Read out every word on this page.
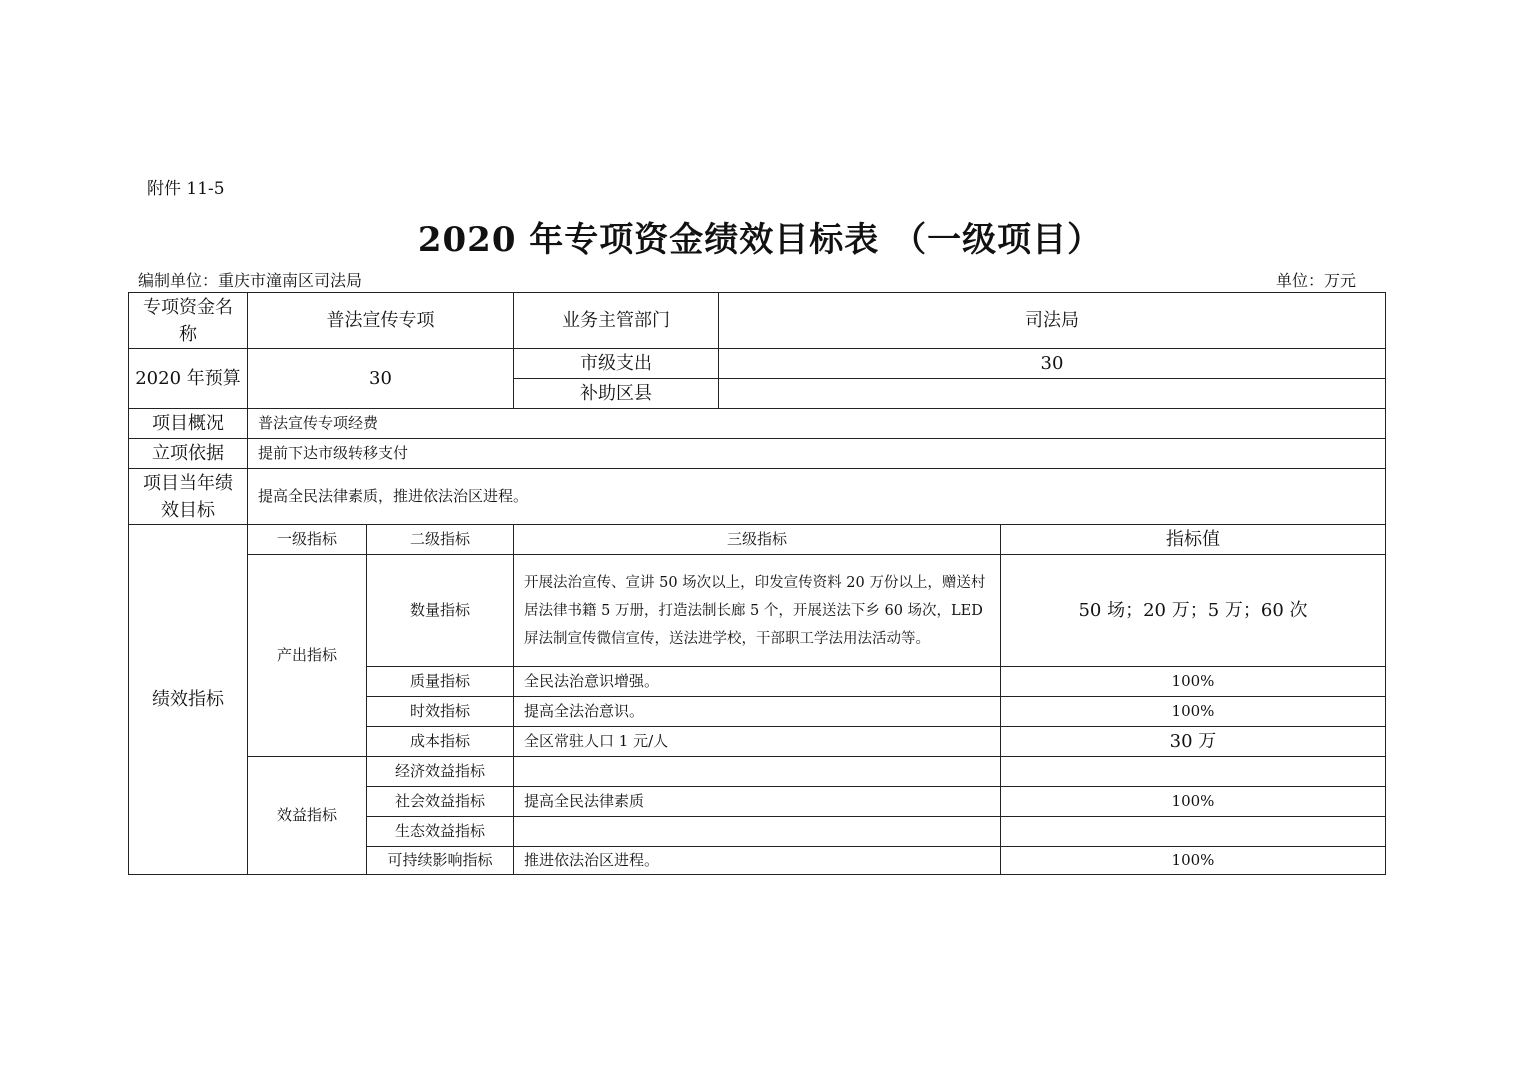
附件 11-5
2020 年专项资金绩效目标表 （一级项目）
编制单位：重庆市潼南区司法局	单位：万元
专项资金名称	普法宣传专项		业务主管部门	司法局	
2020 年预算	30		市级支出	30	
			补助区县		
项目概况	普法宣传专项经费				
立项依据	提前下达市级转移支付				
项目当年绩效目标	提高全民法律素质，推进依法治区进程。				
绩效指标	一级指标	二级指标	三级指标		指标值
	产出指标	数量指标	开展法治宣传、宣讲 50 场次以上，印发宣传资料 20 万份以上，赠送村居法律书籍 5 万册，打造法制长廊 5 个，开展送法下乡 60 场次，LED 屏法制宣传微信宣传，送法进学校，干部职工学法用法活动等。		50 场；20 万；5 万；60 次
		质量指标	全民法治意识增强。		100%
		时效指标	提高全法治意识。		100%
		成本指标	全区常驻人口 1 元/人		30 万
	效益指标	经济效益指标			
		社会效益指标	提高全民法律素质		100%
		生态效益指标			
		可持续影响指标	推进依法治区进程。		100%
